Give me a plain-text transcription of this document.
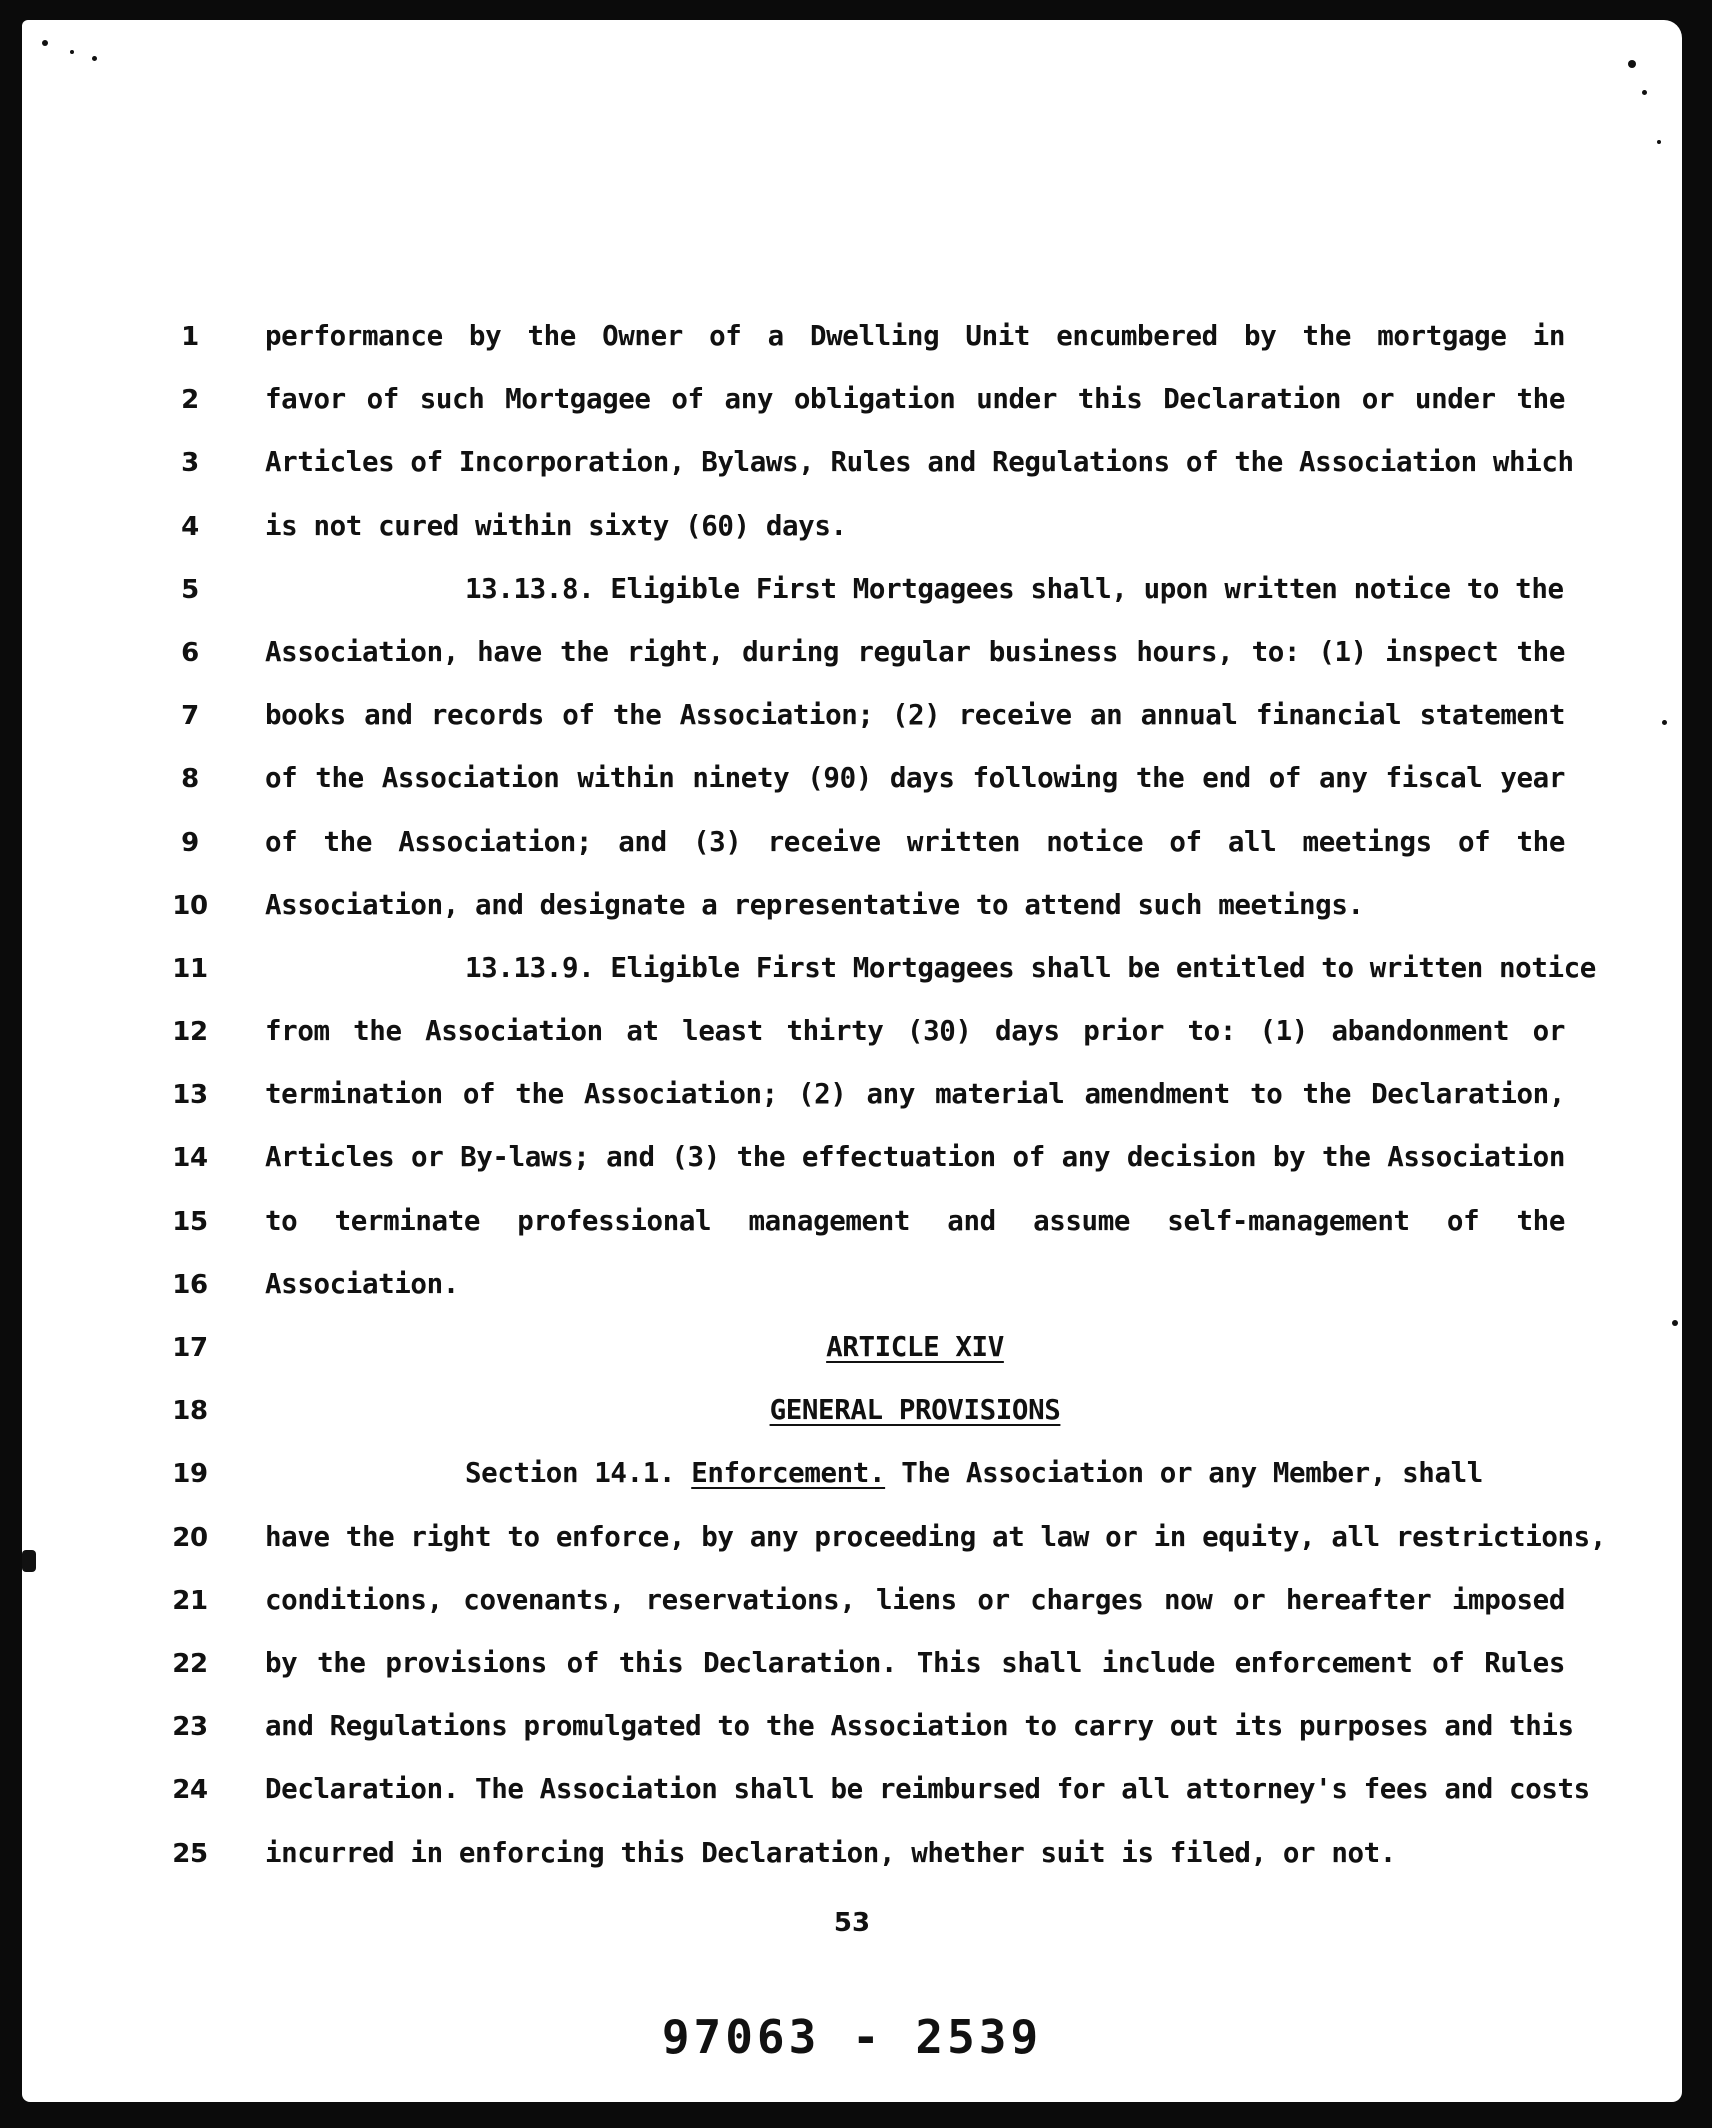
1	performance by the Owner of a Dwelling Unit encumbered by the mortgage in
2	favor of such Mortgagee of any obligation under this Declaration or under the
3	Articles of Incorporation, Bylaws, Rules and Regulations of the Association which
4	is not cured within sixty (60) days.
5	13.13.8. Eligible First Mortgagees shall, upon written notice to the
6	Association, have the right, during regular business hours, to: (1) inspect the
7	books and records of the Association; (2) receive an annual financial statement
8	of the Association within ninety (90) days following the end of any fiscal year
9	of the Association; and (3) receive written notice of all meetings of the
10 Association, and designate a representative to attend such meetings.
11	13.13.9. Eligible First Mortgagees shall be entitled to written notice
12 from the Association at least thirty (30) days prior to: (1) abandonment or
13 termination of the Association; (2) any material amendment to the Declaration,
14 Articles or By-laws; and (3) the effectuation of any decision by the Association
15 to terminate professional management and assume self-management of the
16 Association.
17	ARTICLE XIV
18	GENERAL PROVISIONS
19	Section 14.1. Enforcement. The Association or any Member, shall
20 have the right to enforce, by any proceeding at law or in equity, all restrictions,
21 conditions, covenants, reservations, liens or charges now or hereafter imposed
22 by the provisions of this Declaration. This shall include enforcement of Rules
23 and Regulations promulgated to the Association to carry out its purposes and this
24 Declaration. The Association shall be reimbursed for all attorney's fees and costs
25 incurred in enforcing this Declaration, whether suit is filed, or not.
53
97063 - 2539
